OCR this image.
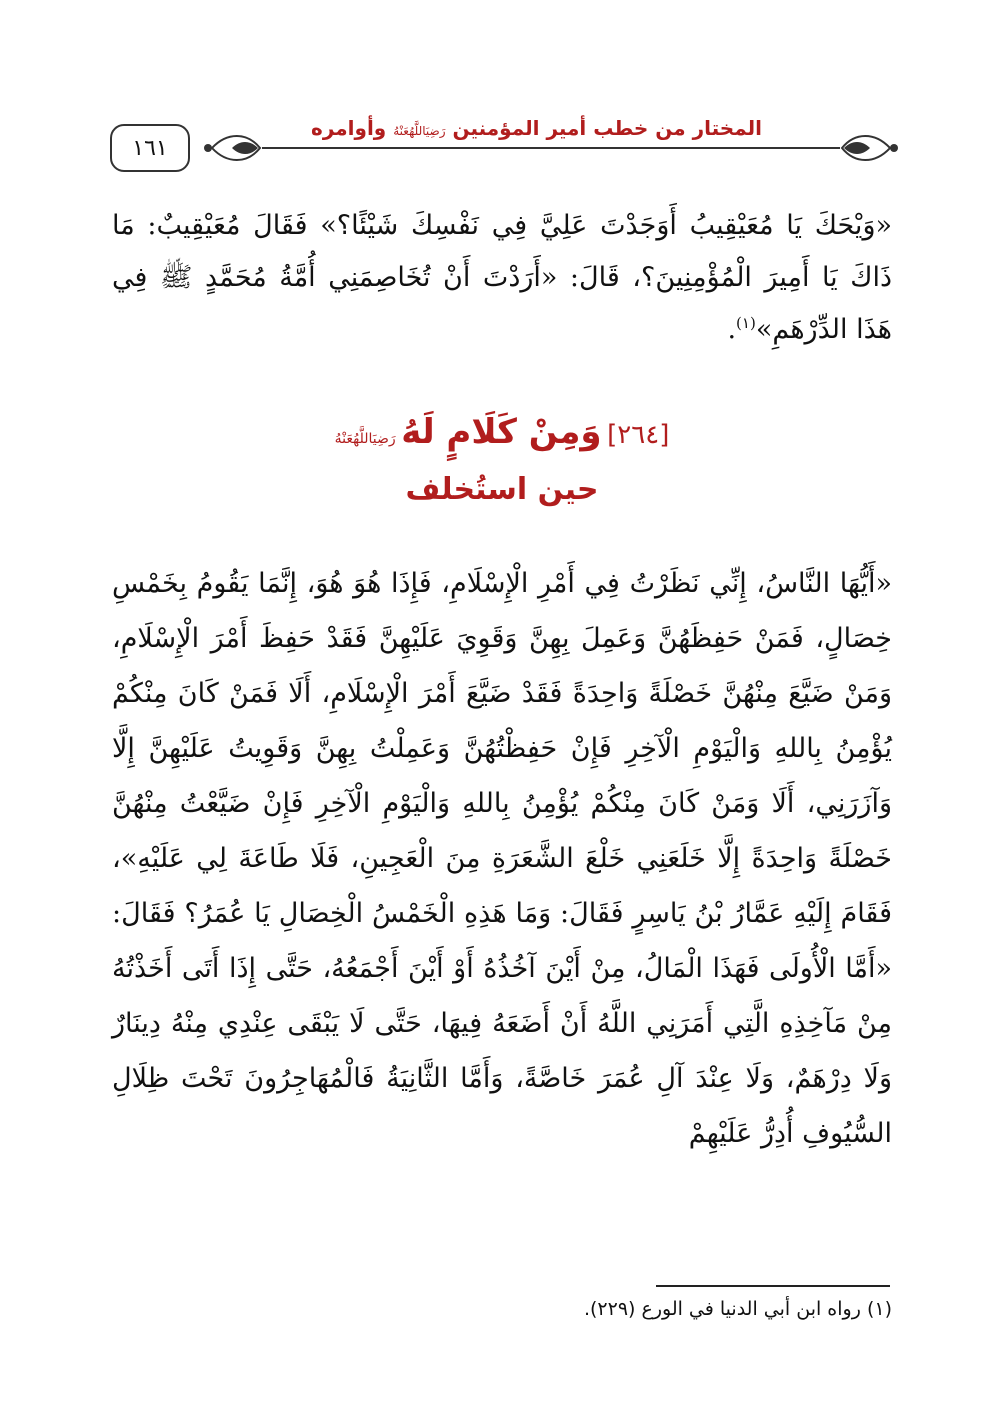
١٦١
المختار من خطب أمير المؤمنين رَضِيَاللَّهُعَنْهُ وأوامره
«وَيْحَكَ يَا مُعَيْقِيبُ أَوَجَدْتَ عَلِيَّ فِي نَفْسِكَ شَيْئًا؟» فَقَالَ مُعَيْقِيبٌ: مَا ذَاكَ يَا أَمِيرَ الْمُؤْمِنِينَ؟، قَالَ: «أَرَدْتَ أَنْ تُخَاصِمَنِي أُمَّةُ مُحَمَّدٍ ﷺ فِي هَذَا الدِّرْهَمِ»$^{(١)}$.
[٢٦٤] وَمِنْ كَلَامٍ لَهُ رَضِيَاللَّهُعَنْهُ
حين استُخلف
«أَيُّهَا النَّاسُ، إِنِّي نَظَرْتُ فِي أَمْرِ الْإِسْلَامِ، فَإِذَا هُوَ هُوَ، إِنَّمَا يَقُومُ بِخَمْسِ خِصَالٍ، فَمَنْ حَفِظَهُنَّ وَعَمِلَ بِهِنَّ وَقَوِيَ عَلَيْهِنَّ فَقَدْ حَفِظَ أَمْرَ الْإِسْلَامِ، وَمَنْ ضَيَّعَ مِنْهُنَّ خَصْلَةً وَاحِدَةً فَقَدْ ضَيَّعَ أَمْرَ الْإِسْلَامِ، أَلَا فَمَنْ كَانَ مِنْكُمْ يُؤْمِنُ بِاللهِ وَالْيَوْمِ الْآخِرِ فَإِنْ حَفِظْتُهُنَّ وَعَمِلْتُ بِهِنَّ وَقَوِيتُ عَلَيْهِنَّ إِلَّا وَآزَرَنِي، أَلَا وَمَنْ كَانَ مِنْكُمْ يُؤْمِنُ بِاللهِ وَالْيَوْمِ الْآخِرِ فَإِنْ ضَيَّعْتُ مِنْهُنَّ خَصْلَةً وَاحِدَةً إِلَّا خَلَعَنِي خَلْعَ الشَّعَرَةِ مِنَ الْعَجِينِ، فَلَا طَاعَةَ لِي عَلَيْهِ»، فَقَامَ إِلَيْهِ عَمَّارُ بْنُ يَاسِرٍ فَقَالَ: وَمَا هَذِهِ الْخَمْسُ الْخِصَالِ يَا عُمَرُ؟ فَقَالَ: «أَمَّا الْأُولَى فَهَذَا الْمَالُ، مِنْ أَيْنَ آخُذُهُ أَوْ أَيْنَ أَجْمَعُهُ، حَتَّى إِذَا أَتَى أَخَذْتُهُ مِنْ مَآخِذِهِ الَّتِي أَمَرَنِي اللَّهُ أَنْ أَضَعَهُ فِيهَا، حَتَّى لَا يَبْقَى عِنْدِي مِنْهُ دِينَارٌ وَلَا دِرْهَمٌ، وَلَا عِنْدَ آلِ عُمَرَ خَاصَّةً، وَأَمَّا الثَّانِيَةُ فَالْمُهَاجِرُونَ تَحْتَ ظِلَالِ السُّيُوفِ أُدِرُّ عَلَيْهِمْ
(١) رواه ابن أبي الدنيا في الورع (٢٢٩).
